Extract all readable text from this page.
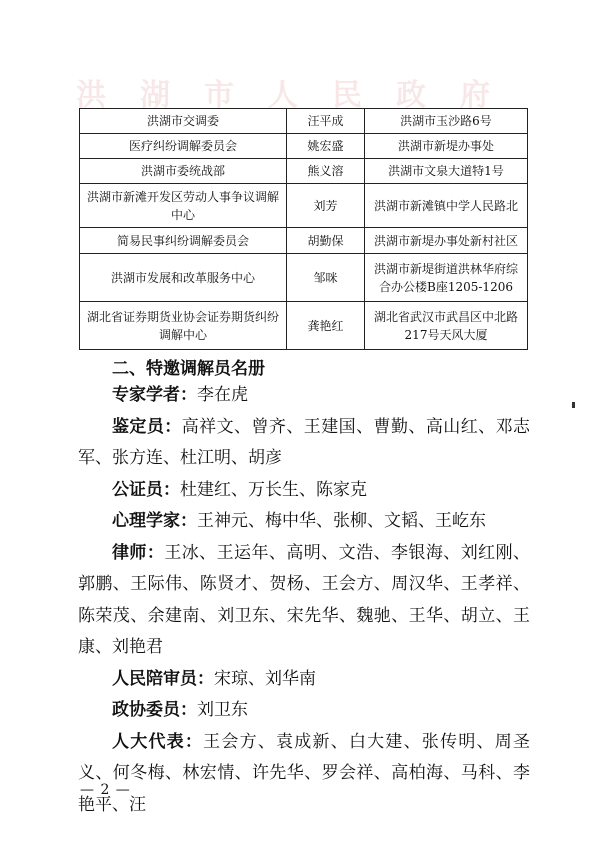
洪湖市人民政府
洪湖市交调委	汪平成	洪湖市玉沙路6号
医疗纠纷调解委员会	姚宏盛	洪湖市新堤办事处
洪湖市委统战部	熊义溶	洪湖市文泉大道特1号
洪湖市新滩开发区劳动人事争议调解中心	刘芳	洪湖市新滩镇中学人民路北
简易民事纠纷调解委员会	胡勤保	洪湖市新堤办事处新村社区
洪湖市发展和改革服务中心	邹咪	洪湖市新堤街道洪林华府综合办公楼B座1205-1206
湖北省证券期货业协会证券期货纠纷调解中心	龚艳红	湖北省武汉市武昌区中北路217号天风大厦
二、特邀调解员名册

专家学者：李在虎

鉴定员：高祥文、曾齐、王建国、曹勤、高山红、邓志军、张方连、杜江明、胡彦

公证员：杜建红、万长生、陈家克

心理学家：王神元、梅中华、张柳、文韬、王屹东

律师：王冰、王运年、高明、文浩、李银海、刘红刚、郭鹏、王际伟、陈贤才、贺杨、王会方、周汉华、王孝祥、陈荣茂、余建南、刘卫东、宋先华、魏驰、王华、胡立、王康、刘艳君

人民陪审员：宋琼、刘华南

政协委员：刘卫东

人大代表：王会方、袁成新、白大建、张传明、周圣义、何冬梅、林宏情、许先华、罗会祥、高柏海、马科、李艳平、汪

— 2 —
